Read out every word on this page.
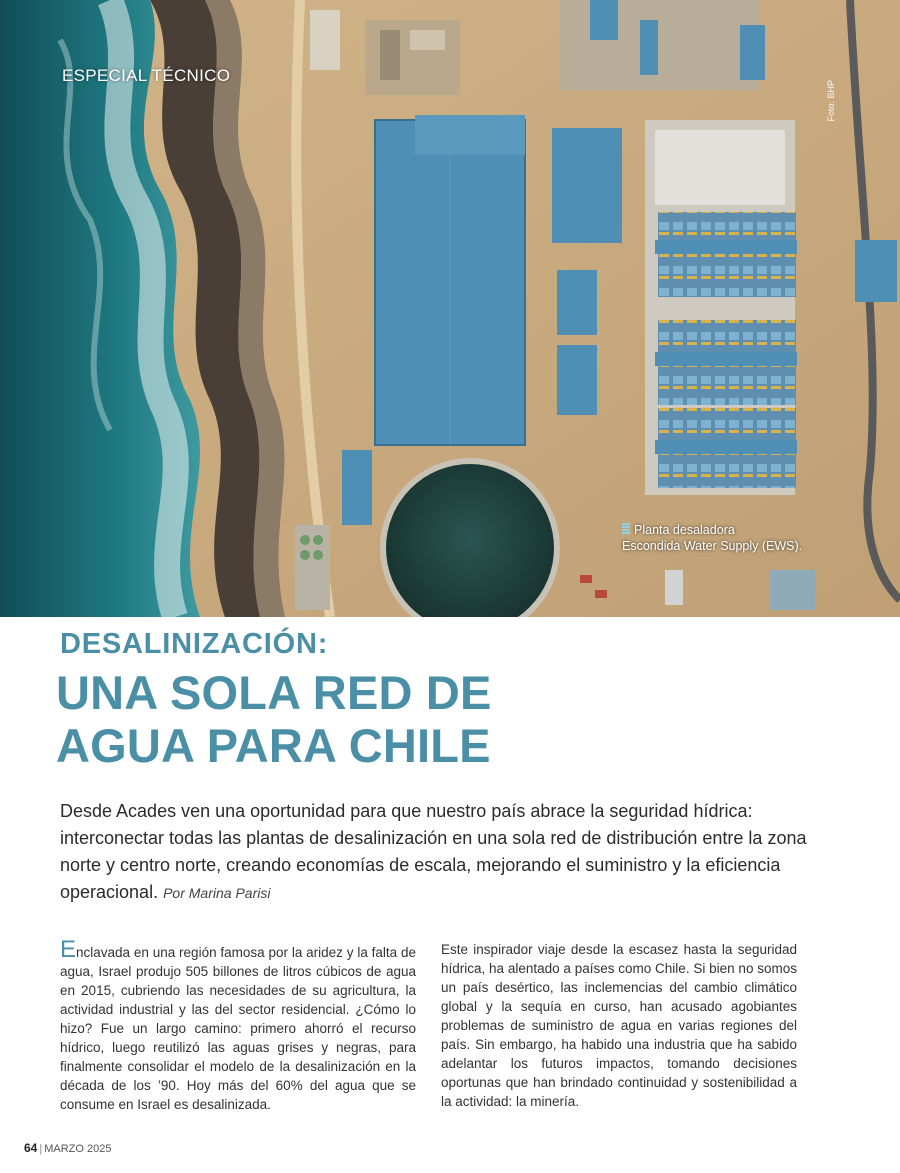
ESPECIAL TÉCNICO
Foto: BHP
Planta desaladora
Escondida Water Supply (EWS).
DESALINIZACIÓN:
UNA SOLA RED DE
AGUA PARA CHILE

Desde Acades ven una oportunidad para que nuestro país abrace la seguridad hídrica: interconectar todas las plantas de desalinización en una sola red de distribución entre la zona norte y centro norte, creando economías de escala, mejorando el suministro y la eficiencia operacional. Por Marina Parisi

Enclavada en una región famosa por la aridez y la falta de agua, Israel produjo 505 billones de litros cúbicos de agua en 2015, cubriendo las necesidades de su agricultura, la actividad industrial y las del sector residencial. ¿Cómo lo hizo? Fue un largo camino: primero ahorró el recurso hídrico, luego reutilizó las aguas grises y negras, para finalmente consolidar el modelo de la desalinización en la década de los ’90. Hoy más del 60% del agua que se consume en Israel es desalinizada.

Este inspirador viaje desde la escasez hasta la seguridad hídrica, ha alentado a países como Chile. Si bien no somos un país desértico, las inclemencias del cambio climático global y la sequía en curso, han acusado agobiantes problemas de suministro de agua en varias regiones del país. Sin embargo, ha habido una industria que ha sabido adelantar los futuros impactos, tomando decisiones oportunas que han brindado continuidad y sostenibilidad a la actividad: la minería.

64 | MARZO 2025
